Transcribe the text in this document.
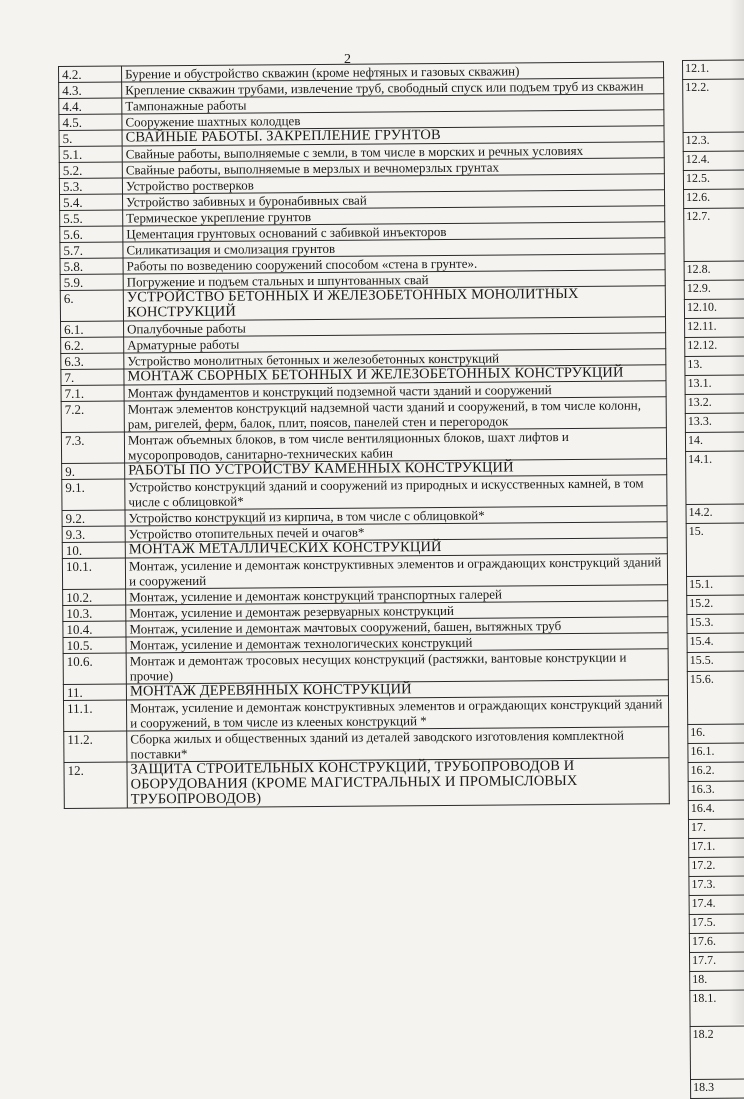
2
4.2.	Бурение и обустройство скважин (кроме нефтяных и газовых скважин)
4.3.	Крепление скважин трубами, извлечение труб, свободный спуск или подъем труб из скважин
4.4.	Тампонажные работы
4.5.	Сооружение шахтных колодцев
5.	СВАЙНЫЕ РАБОТЫ. ЗАКРЕПЛЕНИЕ ГРУНТОВ
5.1.	Свайные работы, выполняемые с земли, в том числе в морских и речных условиях
5.2.	Свайные работы, выполняемые в мерзлых и вечномерзлых грунтах
5.3.	Устройство ростверков
5.4.	Устройство забивных и буронабивных свай
5.5.	Термическое укрепление грунтов
5.6.	Цементация грунтовых оснований с забивкой инъекторов
5.7.	Силикатизация и смолизация грунтов
5.8.	Работы по возведению сооружений способом «стена в грунте».
5.9.	Погружение и подъем стальных и шпунтованных свай
6.	УСТРОЙСТВО БЕТОННЫХ И ЖЕЛЕЗОБЕТОННЫХ МОНОЛИТНЫХ КОНСТРУКЦИЙ
6.1.	Опалубочные работы
6.2.	Арматурные работы
6.3.	Устройство монолитных бетонных и железобетонных конструкций
7.	МОНТАЖ СБОРНЫХ БЕТОННЫХ И ЖЕЛЕЗОБЕТОННЫХ КОНСТРУКЦИЙ
7.1.	Монтаж фундаментов и конструкций подземной части зданий и сооружений
7.2.	Монтаж элементов конструкций надземной части зданий и сооружений, в том числе колонн, рам, ригелей, ферм, балок, плит, поясов, панелей стен и перегородок
7.3.	Монтаж объемных блоков, в том числе вентиляционных блоков, шахт лифтов и мусоропроводов, санитарно-технических кабин
9.	РАБОТЫ ПО УСТРОЙСТВУ КАМЕННЫХ КОНСТРУКЦИЙ
9.1.	Устройство конструкций зданий и сооружений из природных и искусственных камней, в том числе с облицовкой*
9.2.	Устройство конструкций из кирпича, в том числе с облицовкой*
9.3.	Устройство отопительных печей и очагов*
10.	МОНТАЖ МЕТАЛЛИЧЕСКИХ КОНСТРУКЦИЙ
10.1.	Монтаж, усиление и демонтаж конструктивных элементов и ограждающих конструкций зданий и сооружений
10.2.	Монтаж, усиление и демонтаж конструкций транспортных галерей
10.3.	Монтаж, усиление и демонтаж резервуарных конструкций
10.4.	Монтаж, усиление и демонтаж мачтовых сооружений, башен, вытяжных труб
10.5.	Монтаж, усиление и демонтаж технологических конструкций
10.6.	Монтаж и демонтаж тросовых несущих конструкций (растяжки, вантовые конструкции и прочие)
11.	МОНТАЖ ДЕРЕВЯННЫХ КОНСТРУКЦИЙ
11.1.	Монтаж, усиление и демонтаж конструктивных элементов и ограждающих конструкций зданий и сооружений, в том числе из клееных конструкций *
11.2.	Сборка жилых и общественных зданий из деталей заводского изготовления комплектной поставки*
12.	ЗАЩИТА СТРОИТЕЛЬНЫХ КОНСТРУКЦИЙ, ТРУБОПРОВОДОВ И ОБОРУДОВАНИЯ (КРОМЕ МАГИСТРАЛЬНЫХ И ПРОМЫСЛОВЫХ ТРУБОПРОВОДОВ)
12.1.
12.2.
12.3.
12.4.
12.5.
12.6.
12.7.
12.8.
12.9.
12.10.
12.11.
12.12.
13.
13.1.
13.2.
13.3.
14.
14.1.
14.2.
15.
15.1.
15.2.
15.3.
15.4.
15.5.
15.6.
16.
16.1.
16.2.
16.3.
16.4.
17.
17.1.
17.2.
17.3.
17.4.
17.5.
17.6.
17.7.
18.
18.1.
18.2
18.3
